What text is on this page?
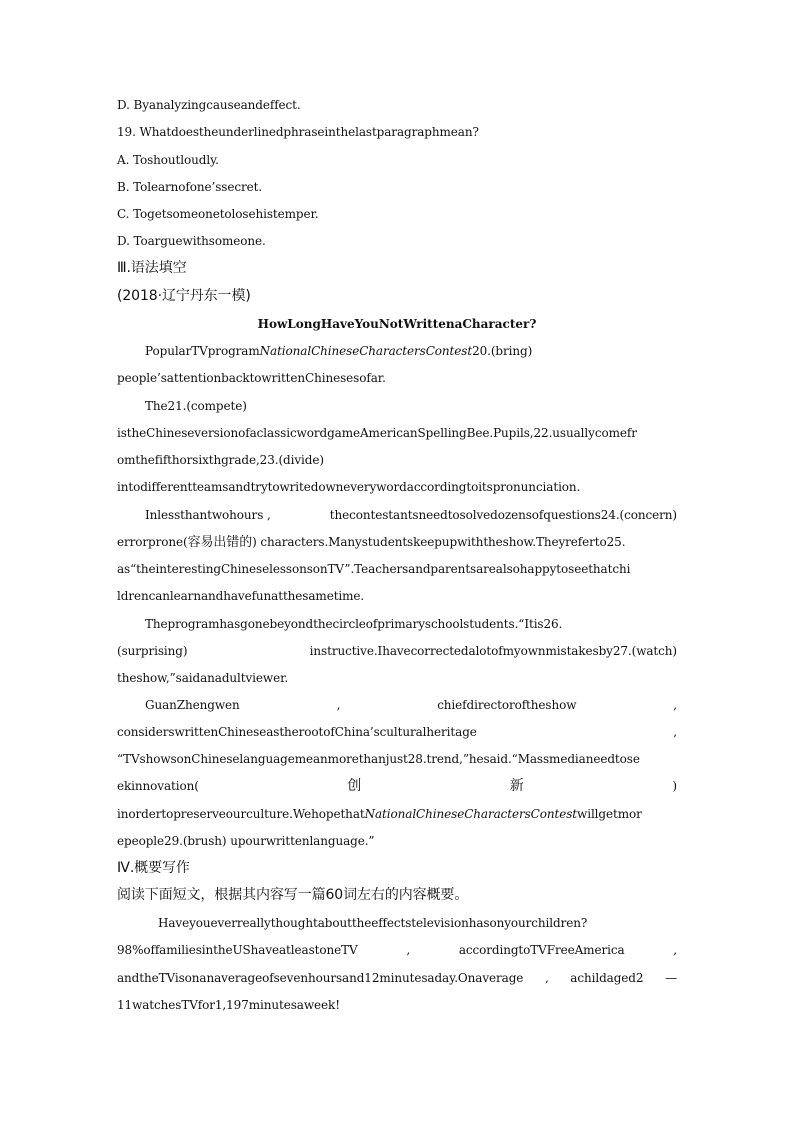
D. Byanalyzingcauseandeffect.
19. Whatdoestheunderlinedphraseinthelastparagraphmean?
A. Toshoutloudly.
B. Tolearnofone’ssecret.
C. Togetsomeonetolosehistemper.
D. Toarguewithsomeone.
Ⅲ.语法填空
(2018·辽宁丹东一模)
HowLongHaveYouNotWrittenaCharacter?
PopularTVprogramNationalChineseCharactersContest20.(bring)
people’sattentionbacktowrittenChinesesofar.
The21.(compete)
istheChineseversionofaclassicwordgameAmericanSpellingBee.Pupils,22.usuallycomefr
omthefifthorsixthgrade,23.(divide)
intodifferentteamsandtrytowritedowneverywordaccordingtoitspronunciation.
Inlessthantwohours ,	thecontestantsneedtosolvedozensofquestions24.(concern)
errorprone(容易出错的) characters.Manystudentskeepupwiththeshow.Theyreferto25.
as“theinterestingChineselessonsonTV”.Teachersandparentsarealsohappytoseethatchi
ldrencanlearnandhavefunatthesametime.
Theprogramhasgonebeyondthecircleofprimaryschoolstudents.“Itis26.
(surprising)	instructive.Ihavecorrectedalotofmyownmistakesby27.(watch)
theshow,”saidanadultviewer.
GuanZhengwen	,	chiefdirectoroftheshow	,
considerswrittenChineseastherootofChina’sculturalheritage	,
“TVshowsonChineselanguagemeanmorethanjust28.trend,”hesaid.“Massmedianeedtose
ekinnovation(	创	新	)
inordertopreserveourculture.WehopethatNationalChineseCharactersContestwillgetmor
epeople29.(brush) upourwrittenlanguage.”
Ⅳ.概要写作
阅读下面短文，根据其内容写一篇60词左右的内容概要。
Haveyoueverreallythoughtabouttheeffectstelevisionhasonyourchildren?
98%offamiliesintheUShaveatleastoneTV	,	accordingtoTVFreeAmerica	,
andtheTVisonanaverageofsevenhoursand12minutesaday.Onaverage , achildaged2 —
11watchesTVfor1,197minutesaweek!
